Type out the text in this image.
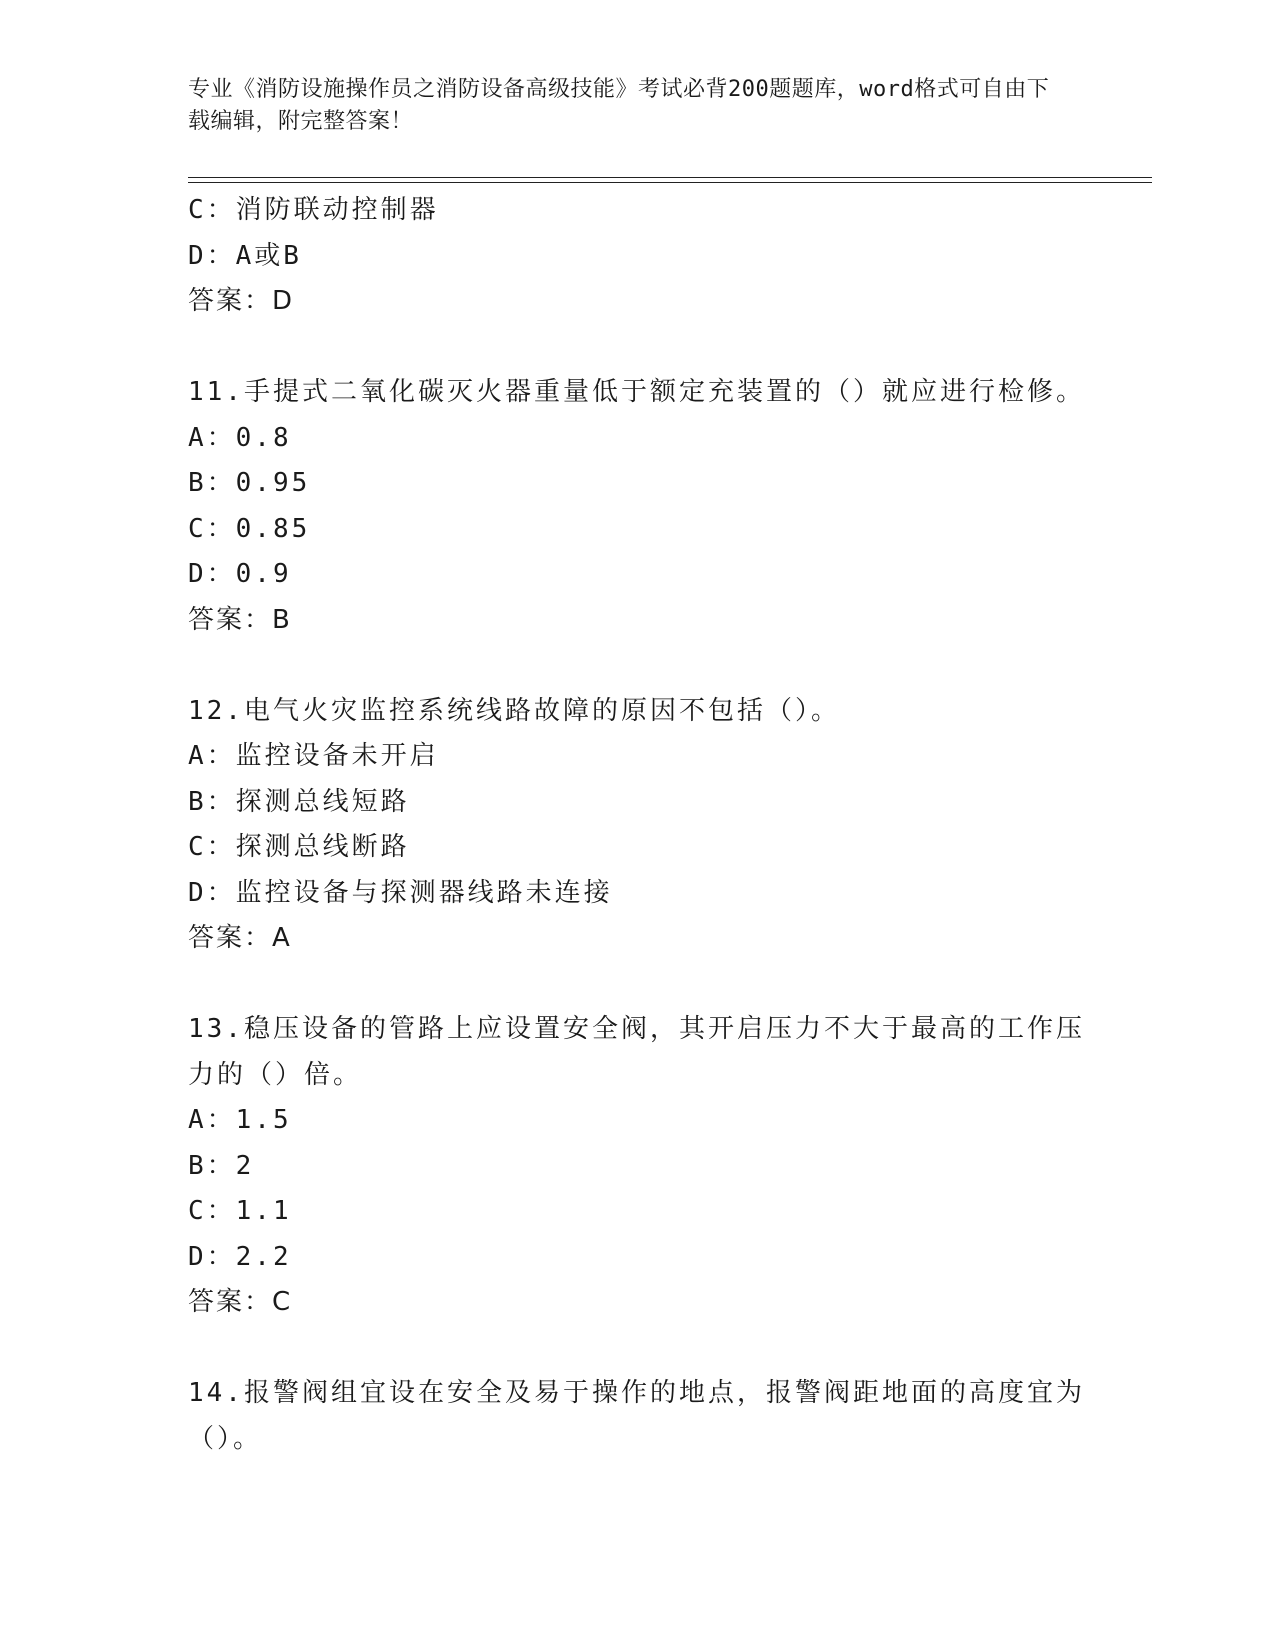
专业《消防设施操作员之消防设备高级技能》考试必背200题题库，word格式可自由下载编辑，附完整答案！
C：消防联动控制器
D：A或B
答案：D
11.手提式二氧化碳灭火器重量低于额定充装置的（）就应进行检修。
A：0.8
B：0.95
C：0.85
D：0.9
答案：B
12.电气火灾监控系统线路故障的原因不包括（）。
A：监控设备未开启
B：探测总线短路
C：探测总线断路
D：监控设备与探测器线路未连接
答案：A
13.稳压设备的管路上应设置安全阀，其开启压力不大于最高的工作压力的（）倍。
A：1.5
B：2
C：1.1
D：2.2
答案：C
14.报警阀组宜设在安全及易于操作的地点，报警阀距地面的高度宜为（）。
